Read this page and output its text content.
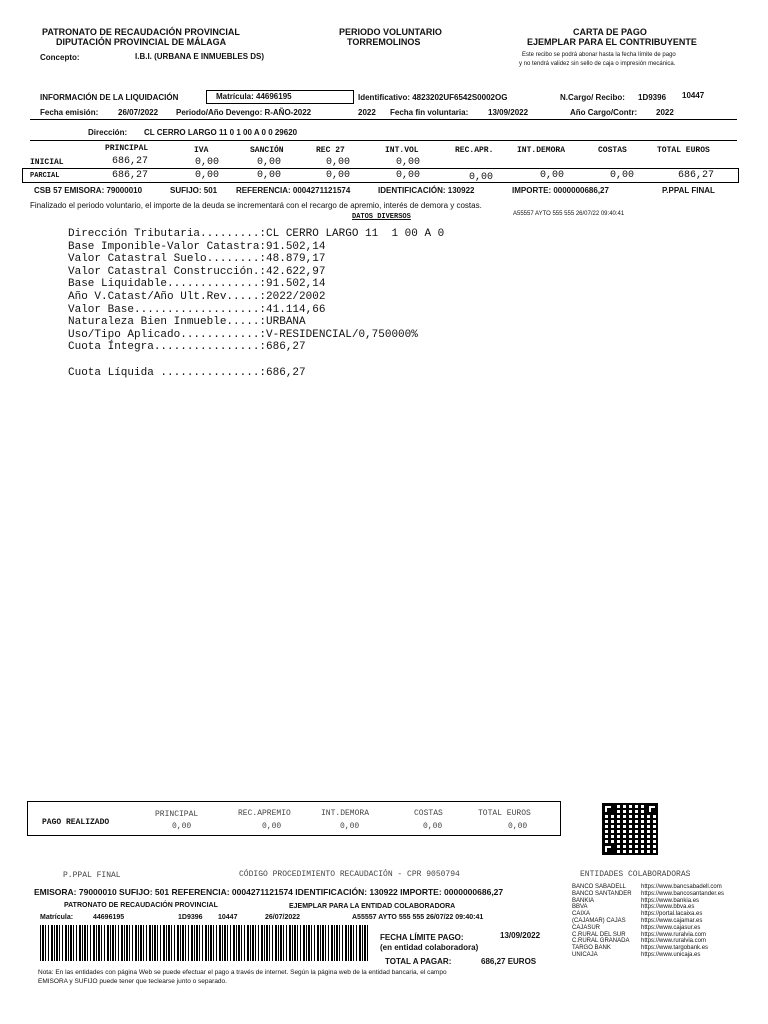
PATRONATO DE RECAUDACIÓN PROVINCIAL
DIPUTACIÓN PROVINCIAL DE MÁLAGA
Concepto:	I.B.I. (URBANA E INMUEBLES DS)
PERIODO VOLUNTARIO
TORREMOLINOS
CARTA DE PAGO
EJEMPLAR PARA EL CONTRIBUYENTE
Este recibo se podrá abonar hasta la fecha límite de pago
y no tendrá validez sin sello de caja o impresión mecánica.
INFORMACIÓN DE LA LIQUIDACIÓN	Matrícula: 44696195	Identificativo: 4823202UF6542S0002OG	N.Cargo/ Recibo: 1D9396 10447
Fecha emisión: 26/07/2022 Periodo/Año Devengo: R-AÑO-2022	2022 Fecha fin voluntaria: 13/09/2022	Año Cargo/Contr: 2022
Dirección: CL CERRO LARGO 11 0 1 00 A 0 0 29620
PRINCIPAL	IVA	SANCIÓN	REC 27	INT.VOL	REC.APR.	INT.DEMORA	COSTAS	TOTAL EUROS
INICIAL	686,27	0,00	0,00	0,00	0,00
PARCIAL	686,27	0,00	0,00	0,00	0,00	0,00	0,00	0,00	686,27
CSB 57 EMISORA: 79000010	SUFIJO: 501 REFERENCIA: 0004271121574	IDENTIFICACIÓN: 130922	IMPORTE: 0000000686,27	P.PPAL FINAL
Finalizado el periodo voluntario, el importe de la deuda se incrementará con el recargo de apremio, interés de demora y costas.
DATOS DIVERSOS	A55557 AYTO 555 555 26/07/22 09:40:41
Dirección Tributaria.........:CL CERRO LARGO 11  1 00 A 0
Base Imponible-Valor Catastra:91.502,14
Valor Catastral Suelo........:48.879,17
Valor Catastral Construcción.:42.622,97
Base Liquidable..............:91.502,14
Año V.Catast/Año Ult.Rev.....:2022/2002
Valor Base...................:41.114,66
Naturaleza Bien Inmueble.....:URBANA
Uso/Tipo Aplicado............:V-RESIDENCIAL/0,750000%
Cuota Íntegra................:686,27
Cuota Líquida ...............:686,27
PAGO REALIZADO
PRINCIPAL	REC.APREMIO	INT.DEMORA	COSTAS	TOTAL EUROS
0,00	0,00	0,00	0,00	0,00
P.PPAL FINAL	CÓDIGO PROCEDIMIENTO RECAUDACIÓN - CPR 9050794	ENTIDADES COLABORADORAS
EMISORA: 79000010 SUFIJO: 501 REFERENCIA: 0004271121574 IDENTIFICACIÓN: 130922 IMPORTE: 0000000686,27
PATRONATO DE RECAUDACIÓN PROVINCIAL	EJEMPLAR PARA LA ENTIDAD COLABORADORA
Matrícula:	44696195	1D9396 10447	26/07/2022	A55557 AYTO 555 555 26/07/22 09:40:41
FECHA LÍMITE PAGO:	13/09/2022
(en entidad colaboradora)
TOTAL A PAGAR:	686,27 EUROS
BANCO SABADELL https://www.bancsabadell.com
BANCO SANTANDER https://www.bancosantander.es
BANKIA	https://www.bankia.es
BBVA	https://www.bbva.es
CAIXA	https://portal.lacaixa.es
(CAJAMAR) CAJAS	https://www.cajamar.es
CAJASUR	https://www.cajasur.es
C.RURAL DEL SUR	https://www.ruralvia.com
C.RURAL GRANADA https://www.ruralvia.com
TARGO BANK	https://www.targobank.es
UNICAJA	https://www.unicaja.es
Nota: En las entidades con página Web se puede efectuar el pago a través de internet. Según la página web de la entidad bancaria, el campo
EMISORA y SUFIJO puede tener que teclearse junto o separado.
